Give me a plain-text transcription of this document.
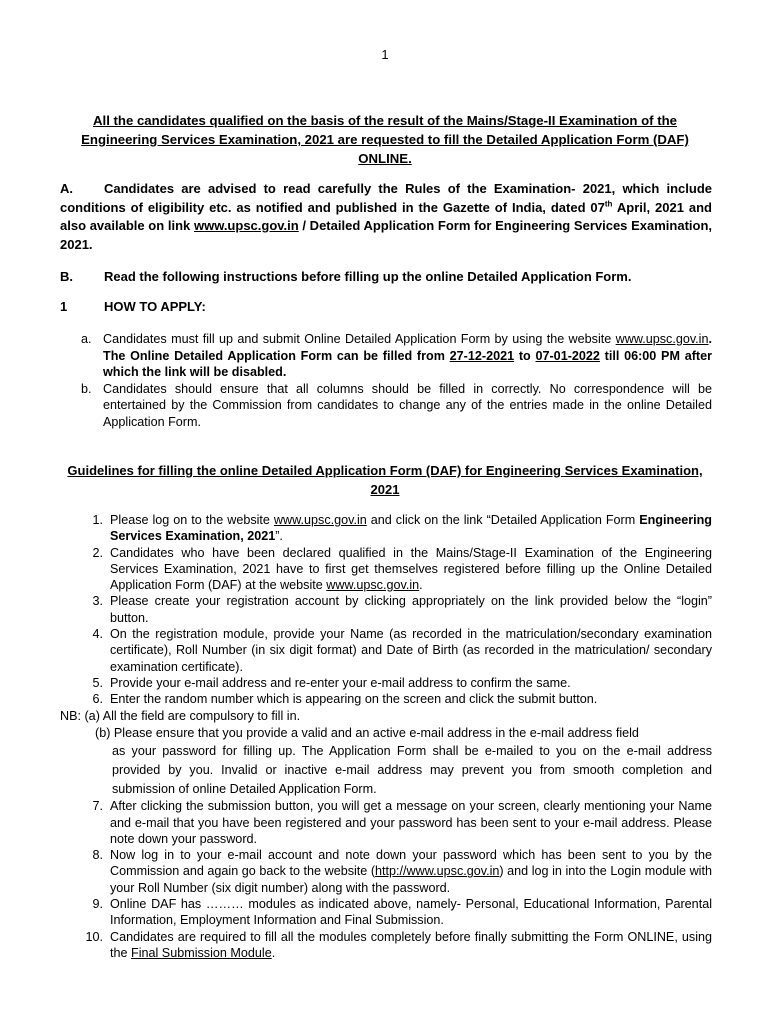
1
All the candidates qualified on the basis of the result of the Mains/Stage-II Examination of the Engineering Services Examination, 2021 are requested to fill the Detailed Application Form (DAF) ONLINE.
A. Candidates are advised to read carefully the Rules of the Examination- 2021, which include conditions of eligibility etc. as notified and published in the Gazette of India, dated 07th April, 2021 and also available on link www.upsc.gov.in / Detailed Application Form for Engineering Services Examination, 2021.
B. Read the following instructions before filling up the online Detailed Application Form.
1	HOW TO APPLY:
a. Candidates must fill up and submit Online Detailed Application Form by using the website www.upsc.gov.in. The Online Detailed Application Form can be filled from 27-12-2021 to 07-01-2022 till 06:00 PM after which the link will be disabled.
b. Candidates should ensure that all columns should be filled in correctly. No correspondence will be entertained by the Commission from candidates to change any of the entries made in the online Detailed Application Form.
Guidelines for filling the online Detailed Application Form (DAF) for Engineering Services Examination, 2021
1. Please log on to the website www.upsc.gov.in and click on the link “Detailed Application Form Engineering Services Examination, 2021”.
2. Candidates who have been declared qualified in the Mains/Stage-II Examination of the Engineering Services Examination, 2021 have to first get themselves registered before filling up the Online Detailed Application Form (DAF) at the website www.upsc.gov.in.
3. Please create your registration account by clicking appropriately on the link provided below the “login” button.
4. On the registration module, provide your Name (as recorded in the matriculation/secondary examination certificate), Roll Number (in six digit format) and Date of Birth (as recorded in the matriculation/ secondary examination certificate).
5. Provide your e-mail address and re-enter your e-mail address to confirm the same.
6. Enter the random number which is appearing on the screen and click the submit button.
NB: (a) All the field are compulsory to fill in.
(b) Please ensure that you provide a valid and an active e-mail address in the e-mail address field
as your password for filling up. The Application Form shall be e-mailed to you on the e-mail address provided by you. Invalid or inactive e-mail address may prevent you from smooth completion and submission of online Detailed Application Form.
7. After clicking the submission button, you will get a message on your screen, clearly mentioning your Name and e-mail that you have been registered and your password has been sent to your e-mail address. Please note down your password.
8. Now log in to your e-mail account and note down your password which has been sent to you by the Commission and again go back to the website (http://www.upsc.gov.in) and log in into the Login module with your Roll Number (six digit number) along with the password.
9. Online DAF has ……… modules as indicated above, namely- Personal, Educational Information, Parental Information, Employment Information and Final Submission.
10. Candidates are required to fill all the modules completely before finally submitting the Form ONLINE, using the Final Submission Module.
